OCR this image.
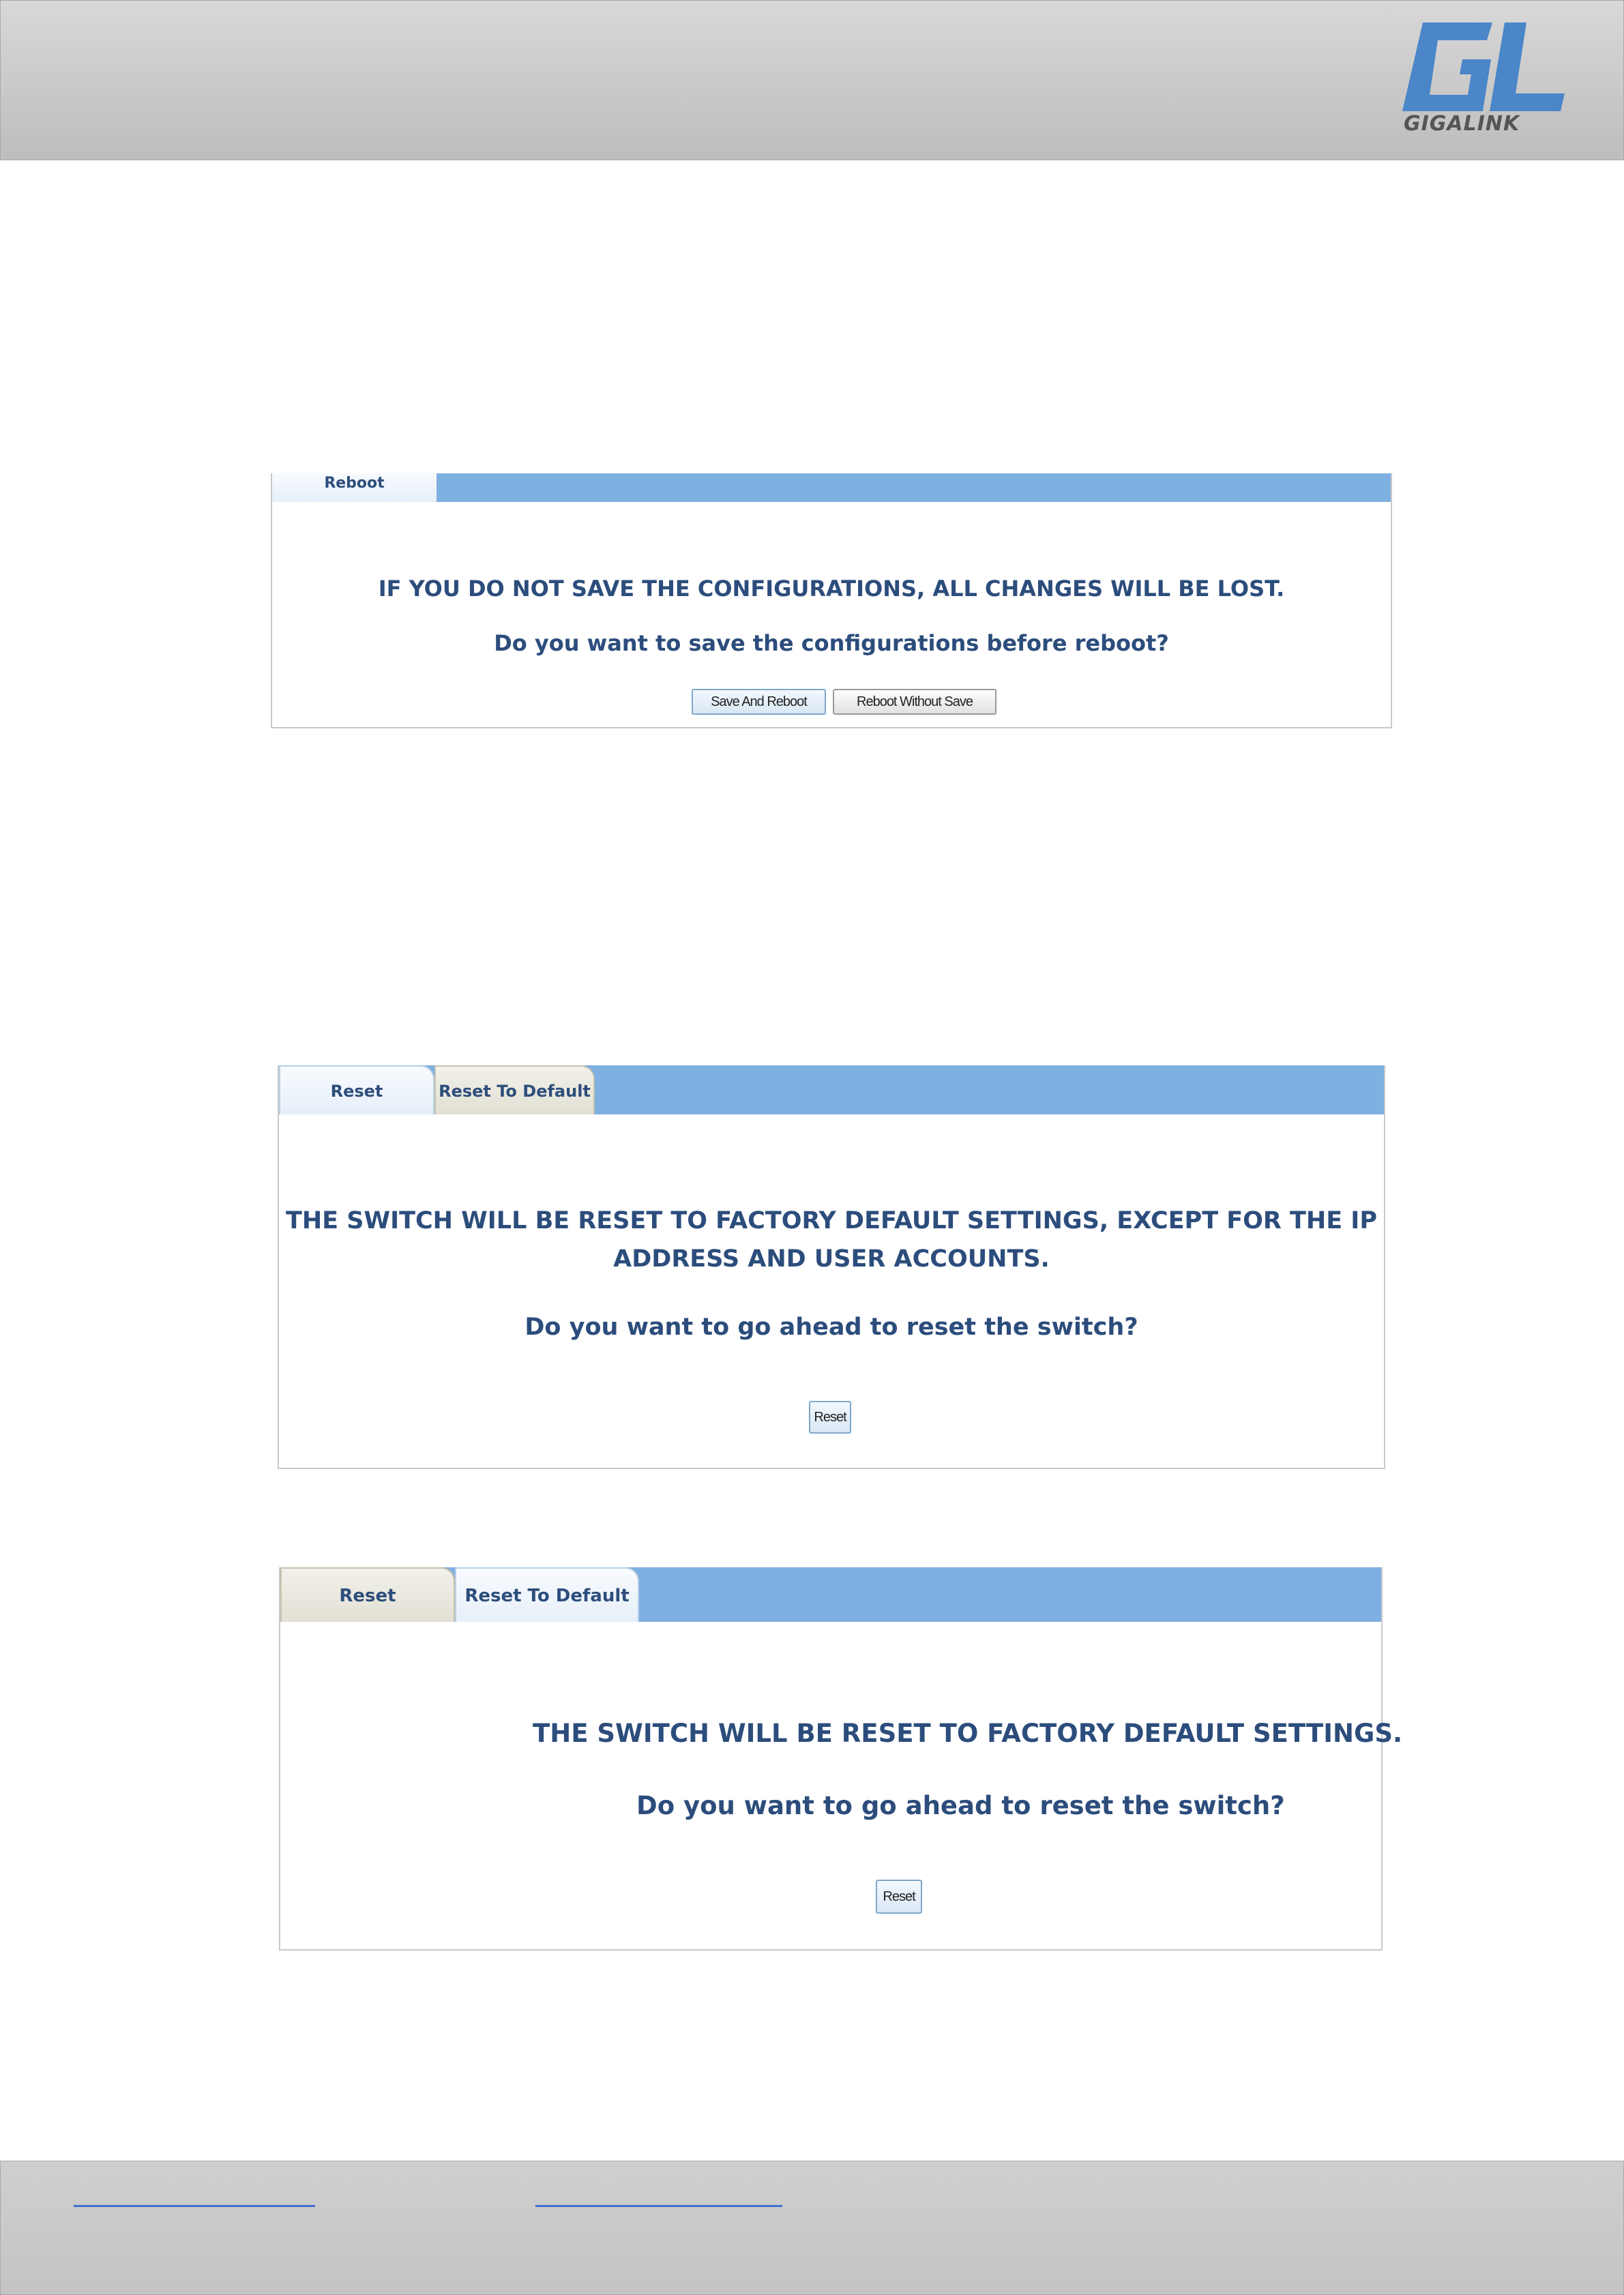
GIGALINK
Reboot
IF YOU DO NOT SAVE THE CONFIGURATIONS, ALL CHANGES WILL BE LOST.
Do you want to save the configurations before reboot?
Save And Reboot	Reboot Without Save
Reset	Reset To Default
THE SWITCH WILL BE RESET TO FACTORY DEFAULT SETTINGS, EXCEPT FOR THE IP ADDRESS AND USER ACCOUNTS.
Do you want to go ahead to reset the switch?
Reset
Reset	Reset To Default
THE SWITCH WILL BE RESET TO FACTORY DEFAULT SETTINGS.
Do you want to go ahead to reset the switch?
Reset
